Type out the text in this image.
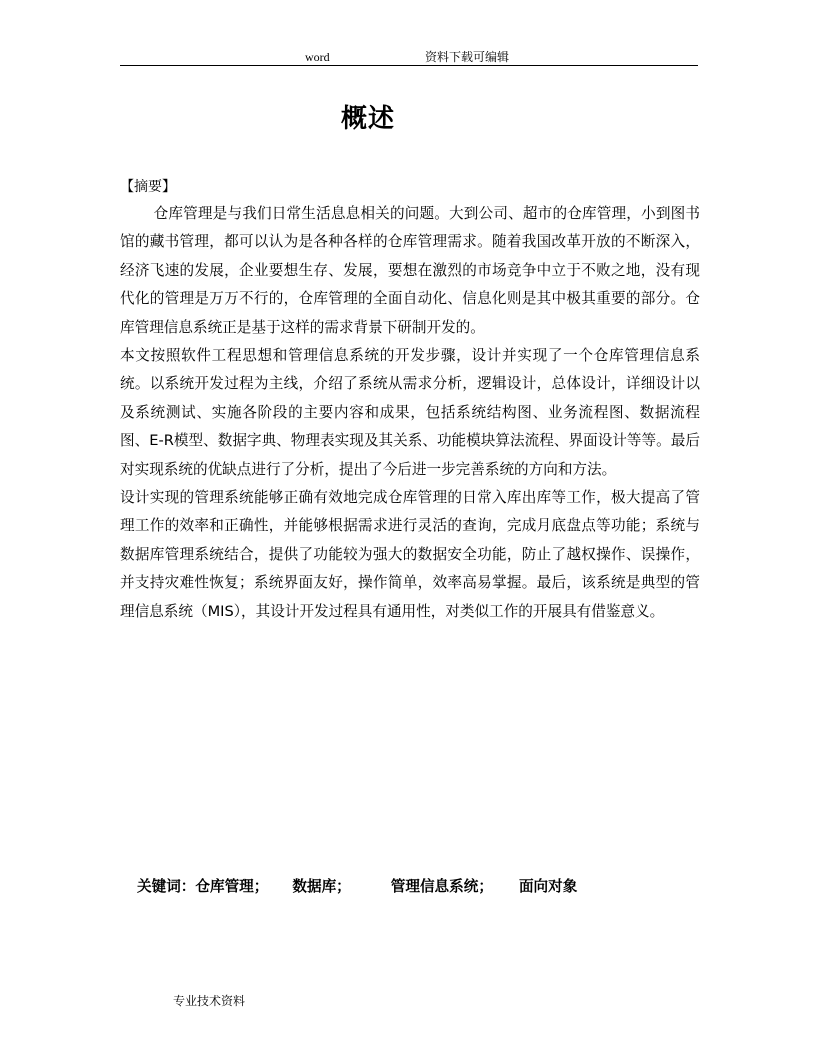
word	资料下载可编辑
概述
【摘要】

仓库管理是与我们日常生活息息相关的问题。大到公司、超市的仓库管理，小到图书馆的藏书管理，都可以认为是各种各样的仓库管理需求。随着我国改革开放的不断深入，经济飞速的发展，企业要想生存、发展，要想在激烈的市场竞争中立于不败之地，没有现代化的管理是万万不行的，仓库管理的全面自动化、信息化则是其中极其重要的部分。仓库管理信息系统正是基于这样的需求背景下研制开发的。

本文按照软件工程思想和管理信息系统的开发步骤，设计并实现了一个仓库管理信息系统。以系统开发过程为主线，介绍了系统从需求分析，逻辑设计，总体设计，详细设计以及系统测试、实施各阶段的主要内容和成果，包括系统结构图、业务流程图、数据流程图、E-R模型、数据字典、物理表实现及其关系、功能模块算法流程、界面设计等等。最后对实现系统的优缺点进行了分析，提出了今后进一步完善系统的方向和方法。

设计实现的管理系统能够正确有效地完成仓库管理的日常入库出库等工作，极大提高了管理工作的效率和正确性，并能够根据需求进行灵活的查询，完成月底盘点等功能；系统与数据库管理系统结合，提供了功能较为强大的数据安全功能，防止了越权操作、误操作，并支持灾难性恢复；系统界面友好，操作简单，效率高易掌握。最后，该系统是典型的管理信息系统（MIS），其设计开发过程具有通用性，对类似工作的开展具有借鉴意义。

关键词：仓库管理； 数据库；	管理信息系统； 面向对象
专业技术资料
